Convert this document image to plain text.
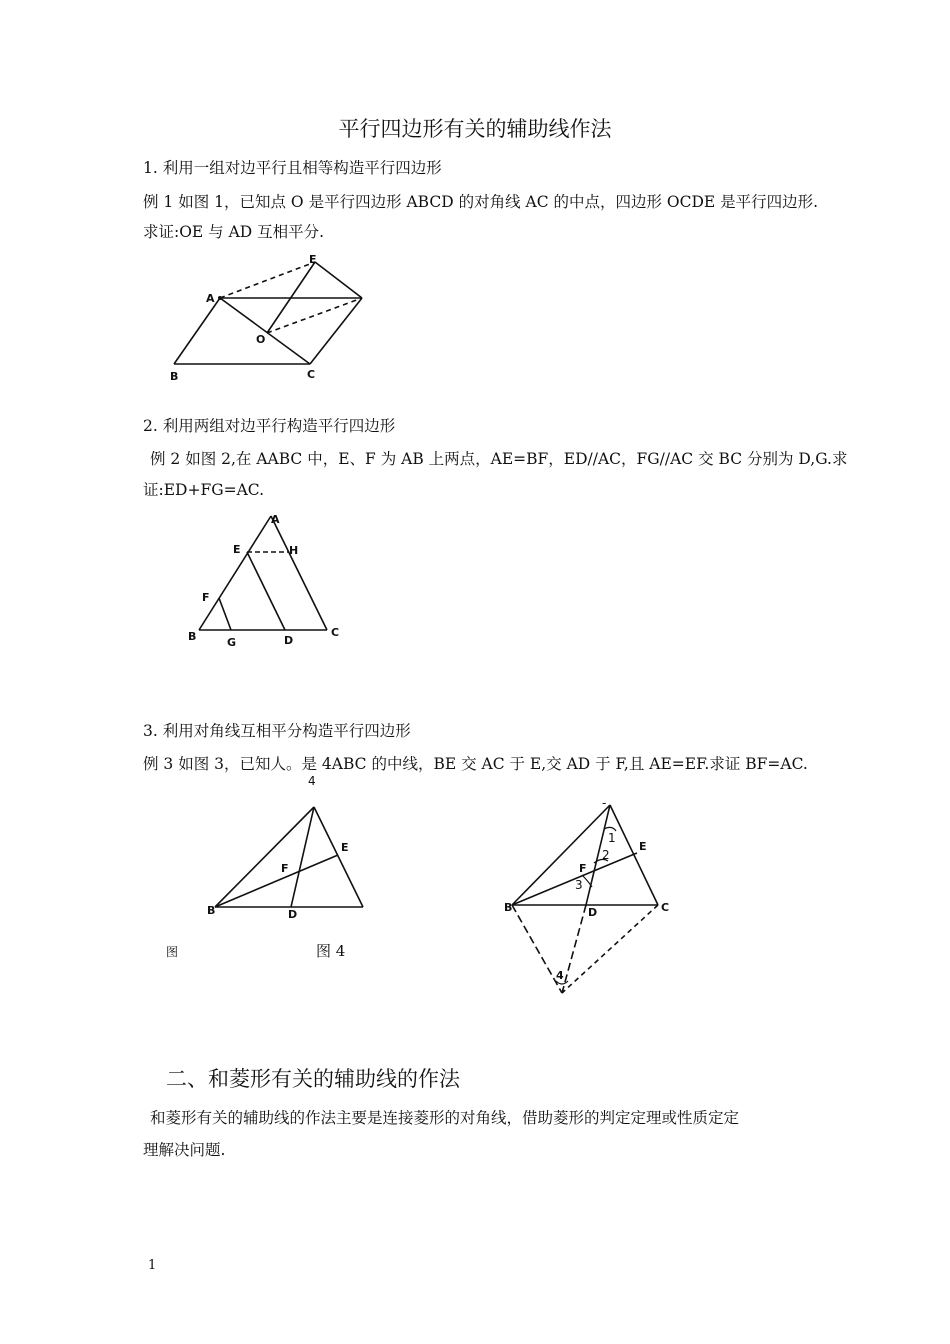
平行四边形有关的辅助线作法
1. 利用一组对边平行且相等构造平行四边形
例 1 如图 1，已知点 O 是平行四边形 ABCD 的对角线 AC 的中点，四边形 OCDE 是平行四边形.
求证:OE 与 AD 互相平分.
A
E
O
B	C
2. 利用两组对边平行构造平行四边形
例 2 如图 2,在 AABC 中，E、F 为 AB 上两点，AE=BF，ED//AC，FG//AC 交 BC 分别为 D,G.求
证:ED+FG=AC.
A
E	H
F
B	G	D
C
3. 利用对角线互相平分构造平行四边形
例 3 如图 3，已知人。是 4ABC 的中线，BE 交 AC 于 E,交 AD 于 F,且 AE=EF.求证 BF=AC.
4
E
F
B	D
图	图 4
-
1
2
3
4
E
F
B	D	C
二、和菱形有关的辅助线的作法
和菱形有关的辅助线的作法主要是连接菱形的对角线，借助菱形的判定定理或性质定定
理解决问题.
1
